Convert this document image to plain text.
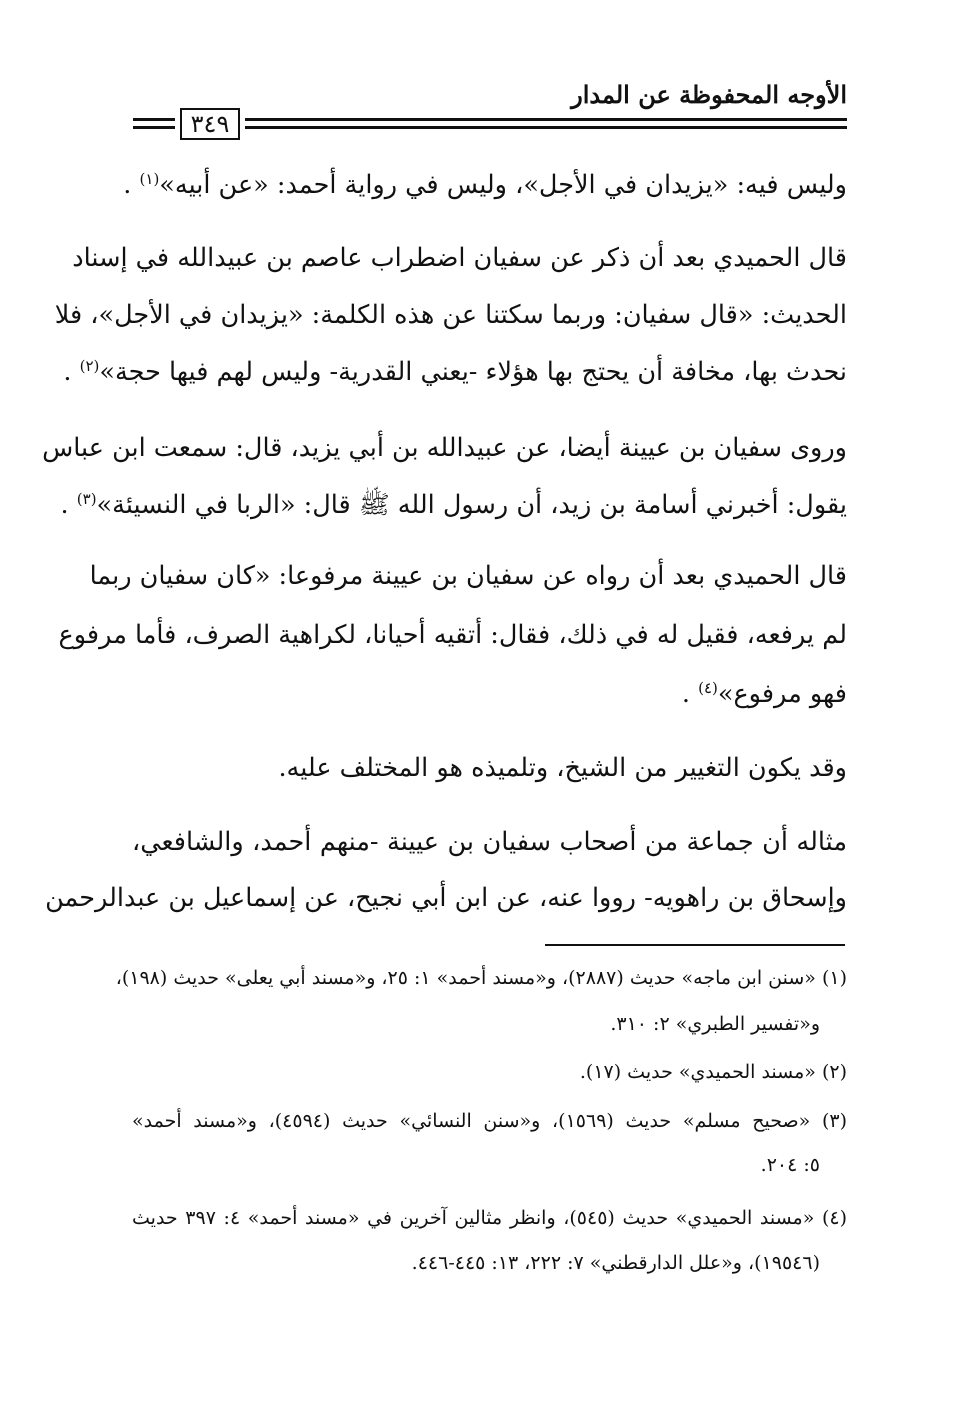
الأوجه المحفوظة عن المدار
٣٤٩
وليس فيه: «يزيدان في الأجل»، وليس في رواية أحمد: «عن أبيه»$^{(١)}$ .
قال الحميدي بعد أن ذكر عن سفيان اضطراب عاصم بن عبيدالله في إسناد
الحديث: «قال سفيان: وربما سكتنا عن هذه الكلمة: «يزيدان في الأجل»، فلا
نحدث بها، مخافة أن يحتج بها هؤلاء -يعني القدرية- وليس لهم فيها حجة»$^{(٢)}$ .
وروى سفيان بن عيينة أيضا، عن عبيدالله بن أبي يزيد، قال: سمعت ابن عباس
يقول: أخبرني أسامة بن زيد، أن رسول الله ﷺ قال: «الربا في النسيئة»$^{(٣)}$ .
قال الحميدي بعد أن رواه عن سفيان بن عيينة مرفوعا: «كان سفيان ربما
لم يرفعه، فقيل له في ذلك، فقال: أتقيه أحيانا، لكراهية الصرف، فأما مرفوع
فهو مرفوع»$^{(٤)}$ .
وقد يكون التغيير من الشيخ، وتلميذه هو المختلف عليه.
مثاله أن جماعة من أصحاب سفيان بن عيينة -منهم أحمد، والشافعي،
وإسحاق بن راهويه- رووا عنه، عن ابن أبي نجيح، عن إسماعيل بن عبدالرحمن
(١) «سنن ابن ماجه» حديث (٢٨٨٧)، و«مسند أحمد» ١: ٢٥، و«مسند أبي يعلى» حديث (١٩٨)،
و«تفسير الطبري» ٢: ٣١٠.
(٢) «مسند الحميدي» حديث (١٧).
(٣) «صحيح مسلم» حديث (١٥٦٩)، و«سنن النسائي» حديث (٤٥٩٤)، و«مسند أحمد»
٥: ٢٠٤.
(٤) «مسند الحميدي» حديث (٥٤٥)، وانظر مثالين آخرين في «مسند أحمد» ٤: ٣٩٧ حديث
(١٩٥٤٦)، و«علل الدارقطني» ٧: ٢٢٢، ١٣: ٤٤٥-٤٤٦.
